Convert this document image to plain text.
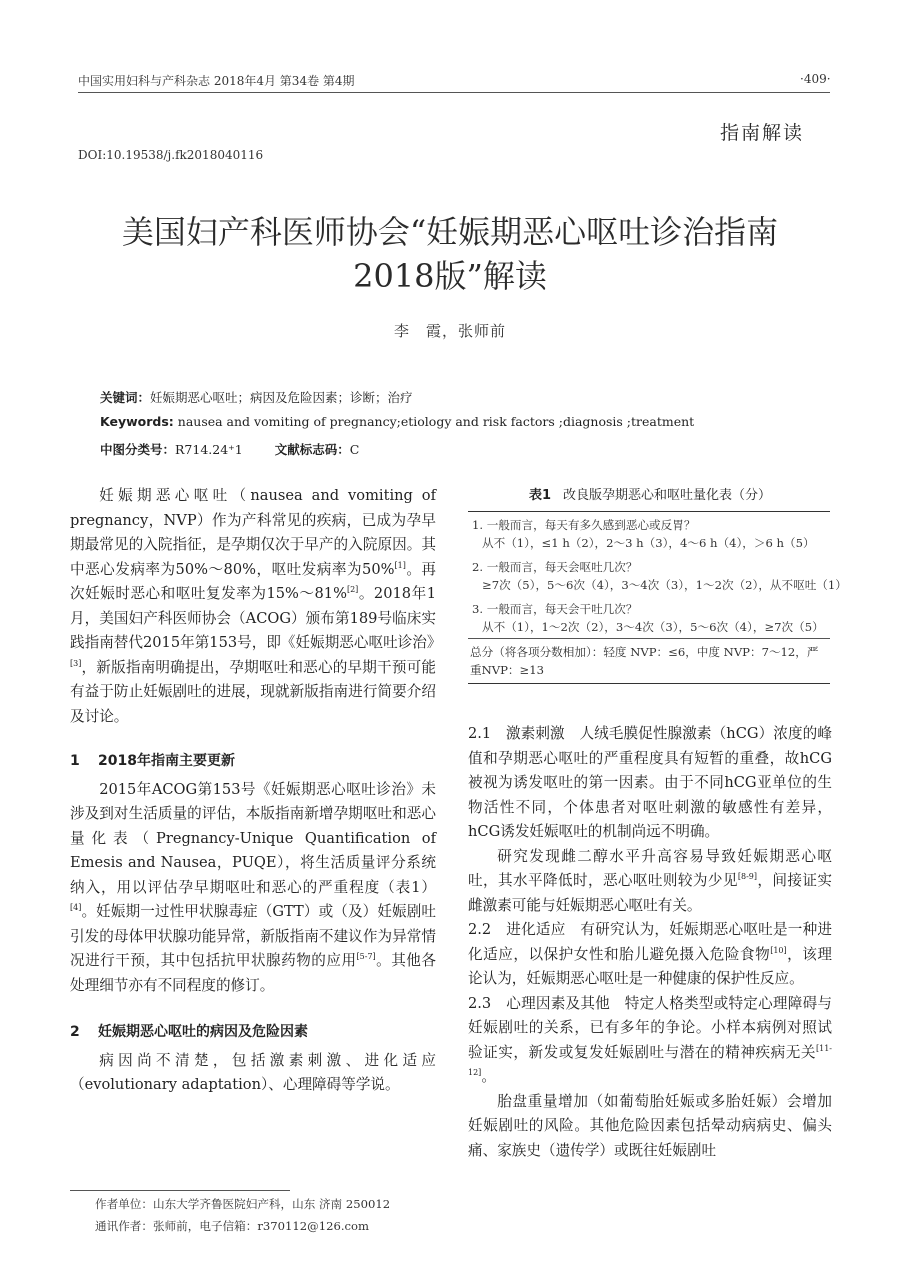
中国实用妇科与产科杂志 2018年4月 第34卷 第4期	·409·
指南解读
DOI:10.19538/j.fk2018040116
美国妇产科医师协会“妊娠期恶心呕吐诊治指南
2018版”解读
李　霞，张师前
关键词：妊娠期恶心呕吐；病因及危险因素；诊断；治疗
Keywords: nausea and vomiting of pregnancy;etiology and risk factors ;diagnosis ;treatment
中图分类号：R714.24⁺1	文献标志码：C

妊娠期恶心呕吐（nausea and vomiting of pregnancy，NVP）作为产科常见的疾病，已成为孕早期最常见的入院指征，是孕期仅次于早产的入院原因。其中恶心发病率为50%～80%，呕吐发病率为50%[1]。再次妊娠时恶心和呕吐复发率为15%～81%[2]。2018年1月，美国妇产科医师协会（ACOG）颁布第189号临床实践指南替代2015年第153号，即《妊娠期恶心呕吐诊治》[3]，新版指南明确提出，孕期呕吐和恶心的早期干预可能有益于防止妊娠剧吐的进展，现就新版指南进行简要介绍及讨论。

1 2018年指南主要更新

2015年ACOG第153号《妊娠期恶心呕吐诊治》未涉及到对生活质量的评估，本版指南新增孕期呕吐和恶心量化表（Pregnancy-Unique Quantification of Emesis and Nausea，PUQE），将生活质量评分系统纳入，用以评估孕早期呕吐和恶心的严重程度（表1）[4]。妊娠期一过性甲状腺毒症（GTT）或（及）妊娠剧吐引发的母体甲状腺功能异常，新版指南不建议作为异常情况进行干预，其中包括抗甲状腺药物的应用[5-7]。其他各处理细节亦有不同程度的修订。

2 妊娠期恶心呕吐的病因及危险因素

病因尚不清楚，包括激素刺激、进化适应（evolutionary adaptation）、心理障碍等学说。

作者单位：山东大学齐鲁医院妇产科，山东 济南 250012
通讯作者：张师前，电子信箱：r370112@126.com
表1 改良版孕期恶心和呕吐量化表（分）
1. 一般而言，每天有多久感到恶心或反胃？
从不（1），≤1 h（2），2～3 h（3），4～6 h（4），＞6 h（5）
2. 一般而言，每天会呕吐几次？
≥7次（5），5～6次（4），3～4次（3），1～2次（2），从不呕吐（1）
3. 一般而言，每天会干吐几次？
从不（1），1～2次（2），3～4次（3），5～6次（4），≥7次（5）
总分（将各项分数相加）：轻度 NVP：≤6，中度 NVP：7～12，严重NVP：≥13

2.1　 激素刺激　 人绒毛膜促性腺激素（hCG）浓度的峰值和孕期恶心呕吐的严重程度具有短暂的重叠，故hCG被视为诱发呕吐的第一因素。由于不同hCG亚单位的生物活性不同，个体患者对呕吐刺激的敏感性有差异，hCG诱发妊娠呕吐的机制尚远不明确。

研究发现雌二醇水平升高容易导致妊娠期恶心呕吐，其水平降低时，恶心呕吐则较为少见[8-9]，间接证实雌激素可能与妊娠期恶心呕吐有关。

2.2　 进化适应　 有研究认为，妊娠期恶心呕吐是一种进化适应，以保护女性和胎儿避免摄入危险食物[10]，该理论认为，妊娠期恶心呕吐是一种健康的保护性反应。

2.3　 心理因素及其他　 特定人格类型或特定心理障碍与妊娠剧吐的关系，已有多年的争论。小样本病例对照试验证实，新发或复发妊娠剧吐与潜在的精神疾病无关[11-12]。

胎盘重量增加（如葡萄胎妊娠或多胎妊娠）会增加妊娠剧吐的风险。其他危险因素包括晕动病病史、偏头痛、家族史（遗传学）或既往妊娠剧吐
